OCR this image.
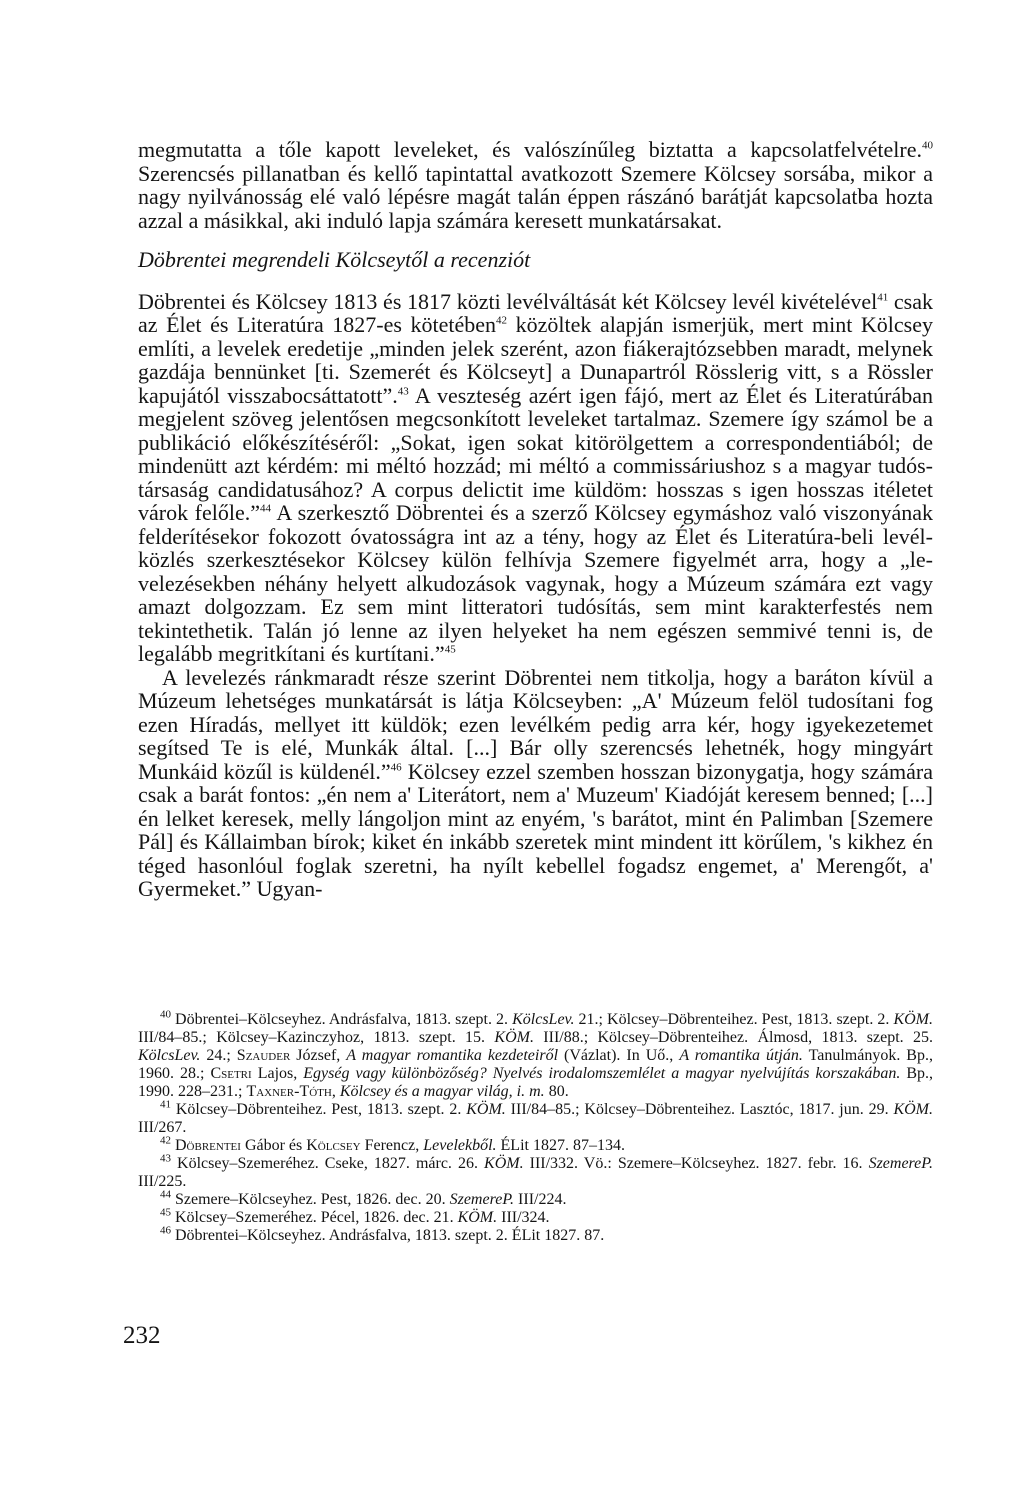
megmutatta a tőle kapott leveleket, és valószínűleg biztatta a kapcsolatfelvételre.$^{40}$ Szerencsés pillanatban és kellő tapintattal avatkozott Szemere Kölcsey sorsába, mikor a nagy nyilvánosság elé való lépésre magát talán éppen rászánó barátját kapcsolatba hozta azzal a másikkal, aki induló lapja számára keresett munkatársakat.

Döbrentei megrendeli Kölcseytől a recenziót

Döbrentei és Kölcsey 1813 és 1817 közti levélváltását két Kölcsey levél kivételével$^{41}$ csak az Élet és Literatúra 1827-es kötetében$^{42}$ közöltek alapján ismerjük, mert mint Kölcsey említi, a levelek eredetije „minden jelek szerént, azon fiákerajtózsebben maradt, melynek gazdája bennünket [ti. Szemerét és Kölcseyt] a Dunapartról Rösslerig vitt, s a Rössler kapujától visszabocsáttatott”.$^{43}$ A veszteség azért igen fájó, mert az Élet és Literatúrában megjelent szöveg jelentősen megcsonkított leveleket tartalmaz. Szemere így számol be a publikáció előkészítéséről: „Sokat, igen sokat kitörölgettem a correspondentiából; de mindenütt azt kérdém: mi méltó hozzád; mi méltó a commissáriushoz s a magyar tudós-társaság candidatusához? A corpus delictit ime küldöm: hosszas s igen hosszas itéletet várok felőle.”$^{44}$ A szerkesztő Döbrentei és a szerző Kölcsey egymáshoz való viszonyának felderítésekor fokozott óvatosságra int az a tény, hogy az Élet és Literatúra-beli levélközlés szerkesztésekor Kölcsey külön felhívja Szemere figyelmét arra, hogy a „levelezésekben néhány helyett alkudozások vagynak, hogy a Múzeum számára ezt vagy amazt dolgozzam. Ez sem mint litteratori tudósítás, sem mint karakterfestés nem tekintethetik. Talán jó lenne az ilyen helyeket ha nem egészen semmivé tenni is, de legalább megritkítani és kurtítani.”$^{45}$

A levelezés ránkmaradt része szerint Döbrentei nem titkolja, hogy a baráton kívül a Múzeum lehetséges munkatársát is látja Kölcseyben: „A' Múzeum felöl tudosítani fog ezen Híradás, mellyet itt küldök; ezen levélkém pedig arra kér, hogy igyekezetemet segítsed Te is elé, Munkák által. [...] Bár olly szerencsés lehetnék, hogy mingyárt Munkáid közűl is küldenél.”$^{46}$ Kölcsey ezzel szemben hosszan bizonygatja, hogy számára csak a barát fontos: „én nem a' Literátort, nem a' Muzeum' Kiadóját keresem benned; [...] én lelket keresek, melly lángoljon mint az enyém, 's barátot, mint én Palimban [Szemere Pál] és Kállaimban bírok; kiket én inkább szeretek mint mindent itt körűlem, 's kikhez én téged hasonlóul foglak szeretni, ha nyílt kebellel fogadsz engemet, a' Merengőt, a' Gyermeket.” Ugyan-

$^{40}$ Döbrentei–Kölcseyhez. Andrásfalva, 1813. szept. 2. KölcsLev. 21.; Kölcsey–Döbrenteihez. Pest, 1813. szept. 2. KÖM. III/84–85.; Kölcsey–Kazinczyhoz, 1813. szept. 15. KÖM. III/88.; Kölcsey–Döbrenteihez. Álmosd, 1813. szept. 25. KölcsLev. 24.; Szauder József, A magyar romantika kezdeteiről (Vázlat). In Uő., A romantika útján. Tanulmányok. Bp., 1960. 28.; Csetri Lajos, Egység vagy különbözőség? Nyelvés irodalomszemlélet a magyar nyelvújítás korszakában. Bp., 1990. 228–231.; Taxner-Tóth, Kölcsey és a magyar világ, i. m. 80.

$^{41}$ Kölcsey–Döbrenteihez. Pest, 1813. szept. 2. KÖM. III/84–85.; Kölcsey–Döbrenteihez. Lasztóc, 1817. jun. 29. KÖM. III/267.

$^{42}$ Döbrentei Gábor és Kölcsey Ferencz, Levelekből. ÉLit 1827. 87–134.

$^{43}$ Kölcsey–Szemeréhez. Cseke, 1827. márc. 26. KÖM. III/332. Vö.: Szemere–Kölcseyhez. 1827. febr. 16. SzemereP. III/225.

$^{44}$ Szemere–Kölcseyhez. Pest, 1826. dec. 20. SzemereP. III/224.

$^{45}$ Kölcsey–Szemeréhez. Pécel, 1826. dec. 21. KÖM. III/324.

$^{46}$ Döbrentei–Kölcseyhez. Andrásfalva, 1813. szept. 2. ÉLit 1827. 87.

232
